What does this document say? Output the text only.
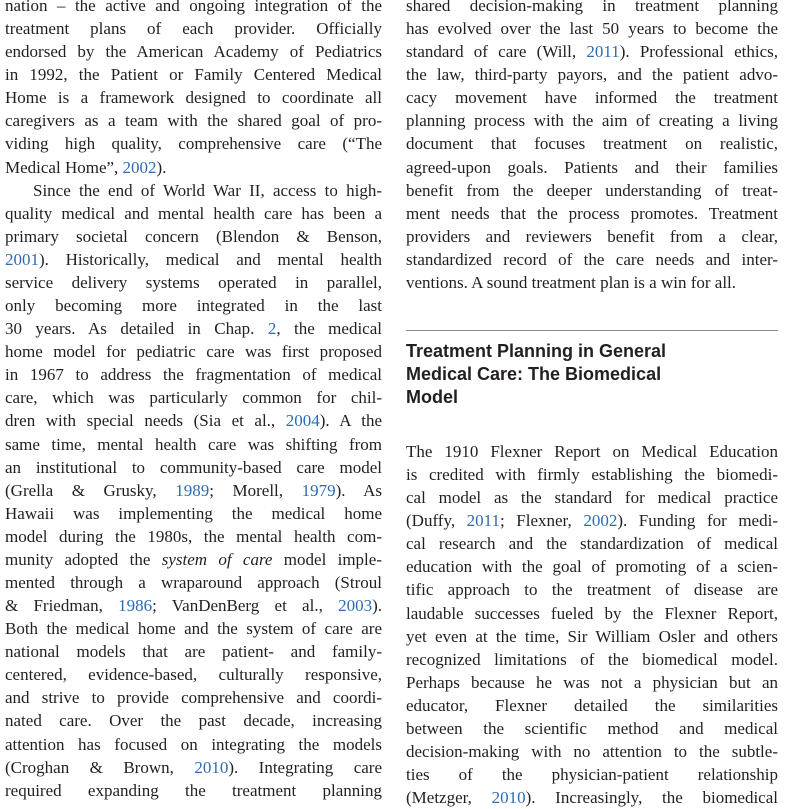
nation – the active and ongoing integration of the
treatment plans of each provider. Officially
endorsed by the American Academy of Pediatrics
in 1992, the Patient or Family Centered Medical
Home is a framework designed to coordinate all
caregivers as a team with the shared goal of pro-
viding high quality, comprehensive care (“The
Medical Home”, 2002).
Since the end of World War II, access to high-
quality medical and mental health care has been a
primary societal concern (Blendon & Benson,
2001). Historically, medical and mental health
service delivery systems operated in parallel,
only becoming more integrated in the last
30 years. As detailed in Chap. 2, the medical
home model for pediatric care was first proposed
in 1967 to address the fragmentation of medical
care, which was particularly common for chil-
dren with special needs (Sia et al., 2004). A the
same time, mental health care was shifting from
an institutional to community-based care model
(Grella & Grusky, 1989; Morell, 1979). As
Hawaii was implementing the medical home
model during the 1980s, the mental health com-
munity adopted the system of care model imple-
mented through a wraparound approach (Stroul
& Friedman, 1986; VanDenBerg et al., 2003).
Both the medical home and the system of care are
national models that are patient- and family-
centered, evidence-based, culturally responsive,
and strive to provide comprehensive and coordi-
nated care. Over the past decade, increasing
attention has focused on integrating the models
(Croghan & Brown, 2010). Integrating care
required expanding the treatment planning
shared decision-making in treatment planning
has evolved over the last 50 years to become the
standard of care (Will, 2011). Professional ethics,
the law, third-party payors, and the patient advo-
cacy movement have informed the treatment
planning process with the aim of creating a living
document that focuses treatment on realistic,
agreed-upon goals. Patients and their families
benefit from the deeper understanding of treat-
ment needs that the process promotes. Treatment
providers and reviewers benefit from a clear,
standardized record of the care needs and inter-
ventions. A sound treatment plan is a win for all.
Treatment Planning in General
Medical Care: The Biomedical
Model
The 1910 Flexner Report on Medical Education
is credited with firmly establishing the biomedi-
cal model as the standard for medical practice
(Duffy, 2011; Flexner, 2002). Funding for medi-
cal research and the standardization of medical
education with the goal of promoting of a scien-
tific approach to the treatment of disease are
laudable successes fueled by the Flexner Report,
yet even at the time, Sir William Osler and others
recognized limitations of the biomedical model.
Perhaps because he was not a physician but an
educator, Flexner detailed the similarities
between the scientific method and medical
decision-making with no attention to the subtle-
ties of the physician-patient relationship
(Metzger, 2010). Increasingly, the biomedical
